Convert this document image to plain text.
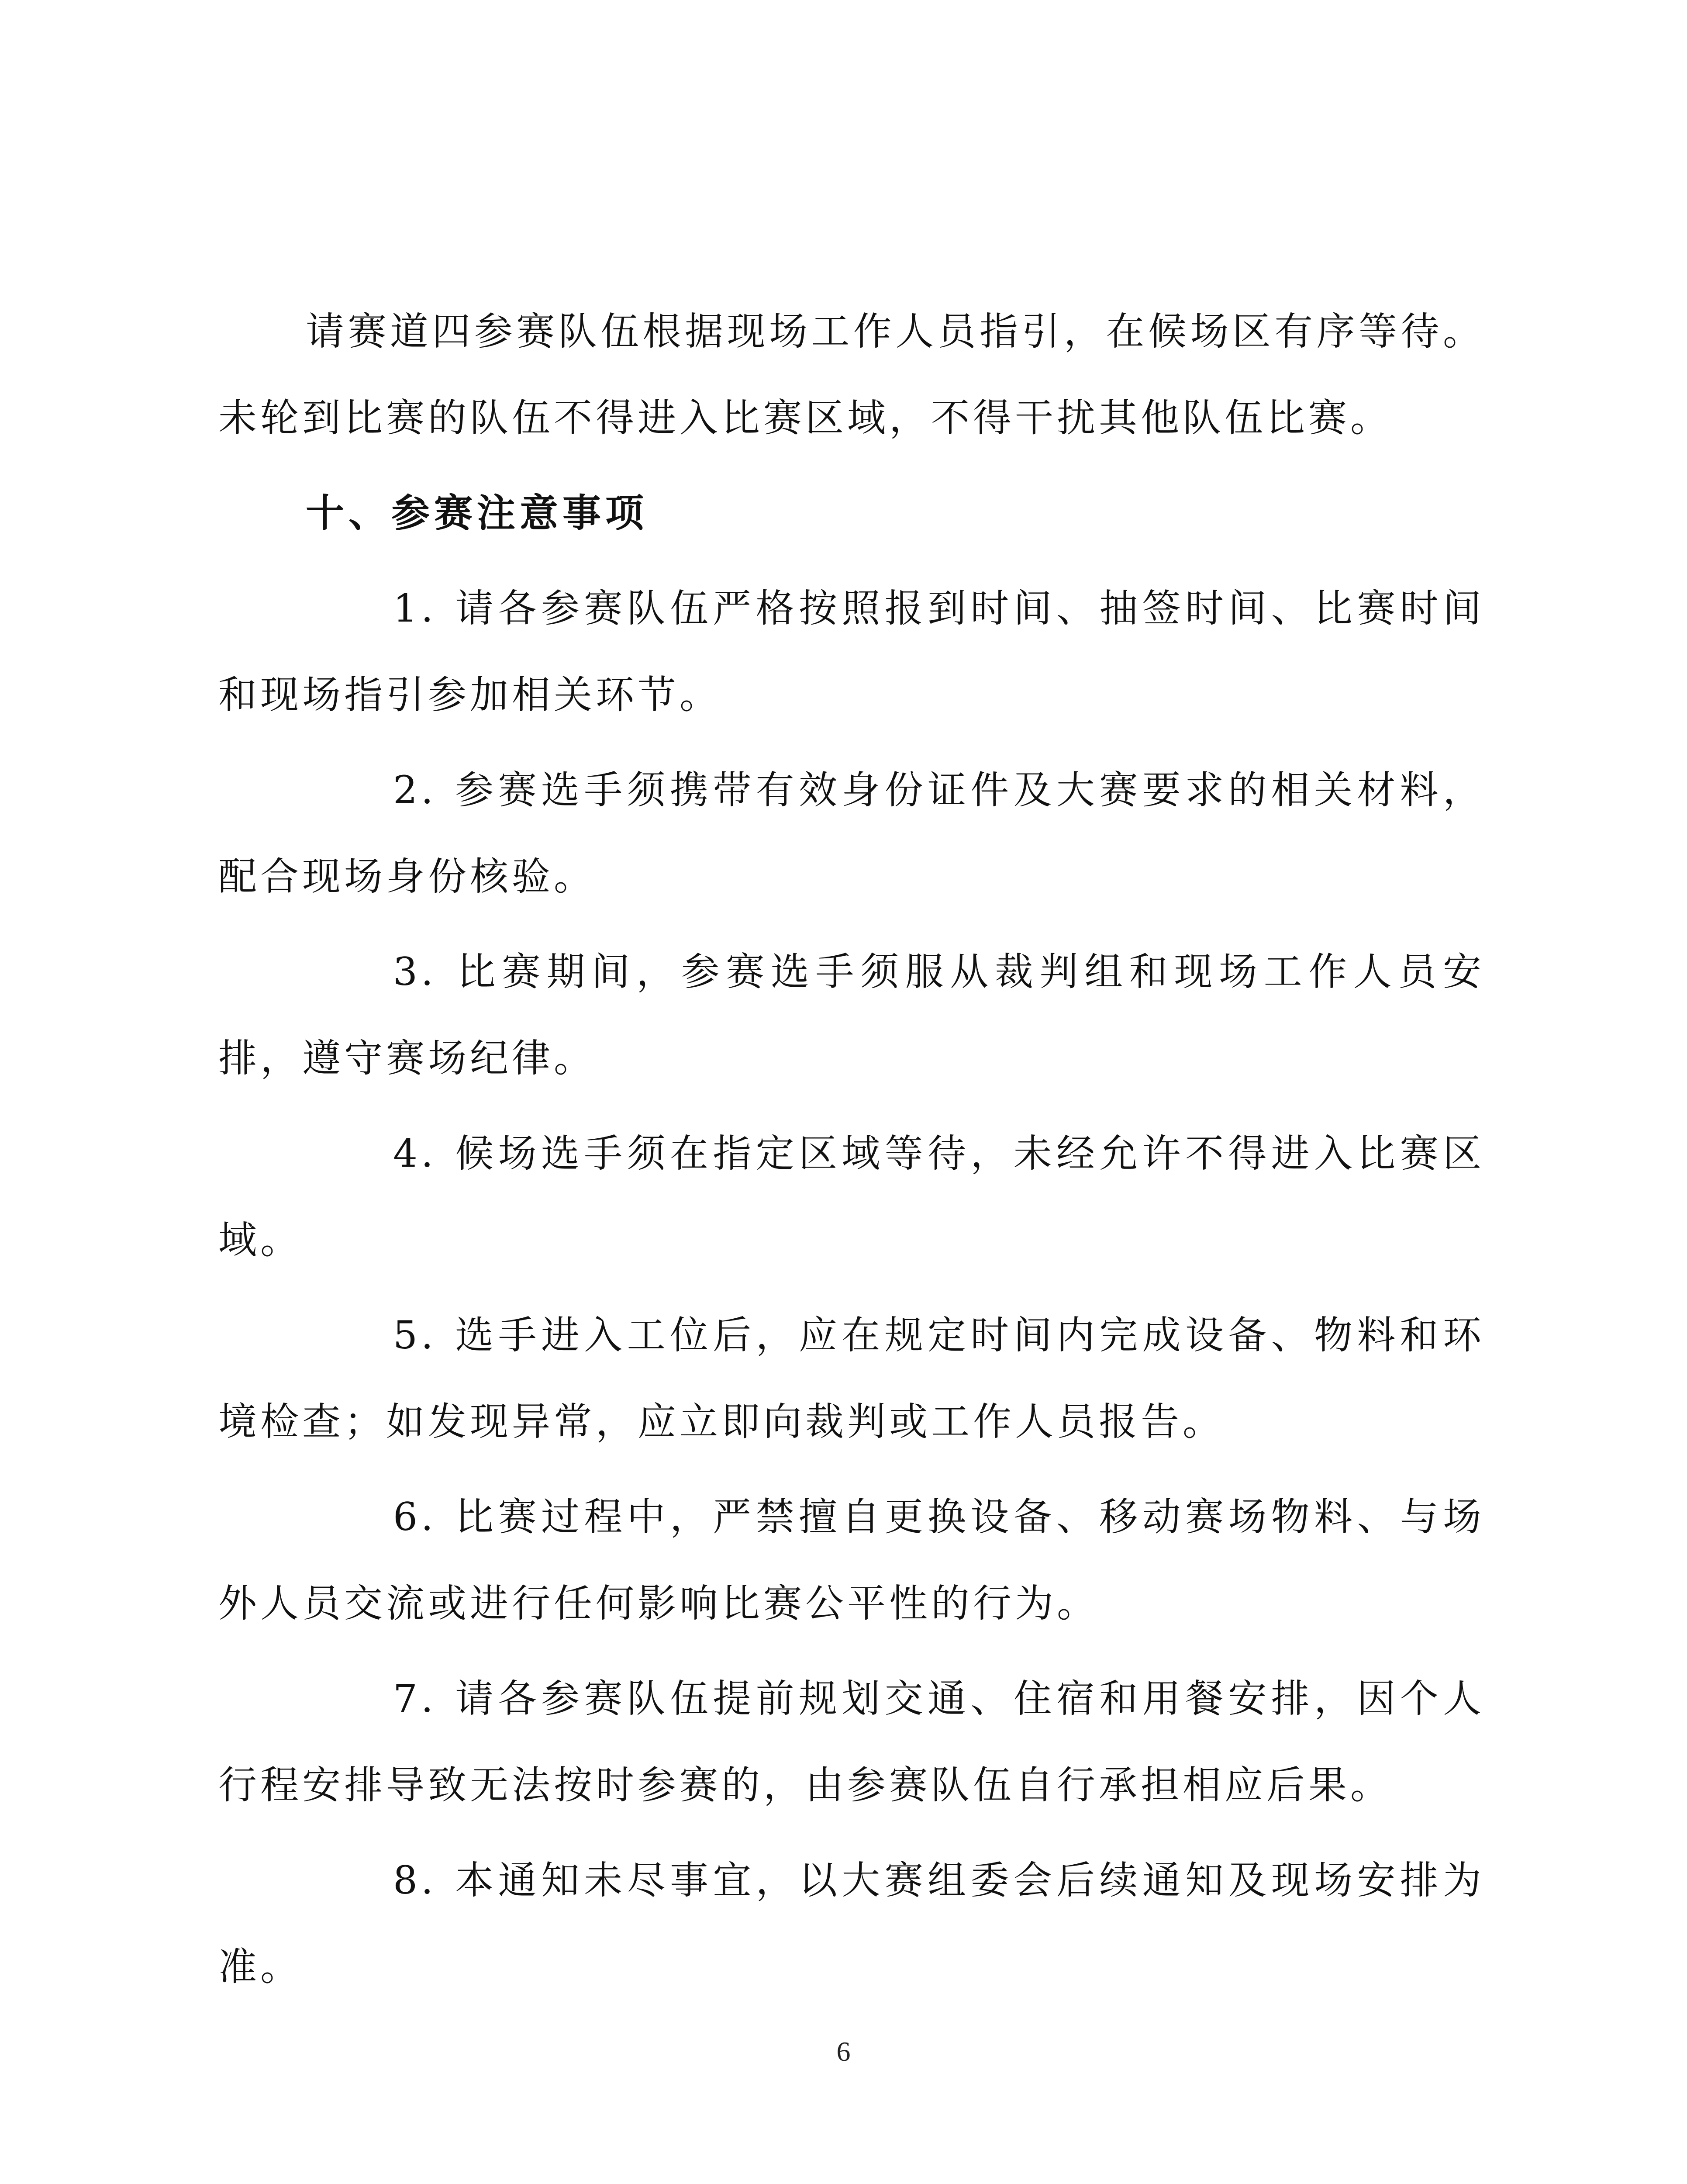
请赛道四参赛队伍根据现场工作人员指引，在候场区有序等待。未轮到比赛的队伍不得进入比赛区域，不得干扰其他队伍比赛。

十、参赛注意事项

1. 请各参赛队伍严格按照报到时间、抽签时间、比赛时间和现场指引参加相关环节。

2. 参赛选手须携带有效身份证件及大赛要求的相关材料，配合现场身份核验。

3. 比赛期间，参赛选手须服从裁判组和现场工作人员安排，遵守赛场纪律。

4. 候场选手须在指定区域等待，未经允许不得进入比赛区域。

5. 选手进入工位后，应在规定时间内完成设备、物料和环境检查；如发现异常，应立即向裁判或工作人员报告。

6. 比赛过程中，严禁擅自更换设备、移动赛场物料、与场外人员交流或进行任何影响比赛公平性的行为。

7. 请各参赛队伍提前规划交通、住宿和用餐安排，因个人行程安排导致无法按时参赛的，由参赛队伍自行承担相应后果。

8. 本通知未尽事宜，以大赛组委会后续通知及现场安排为准。

6
